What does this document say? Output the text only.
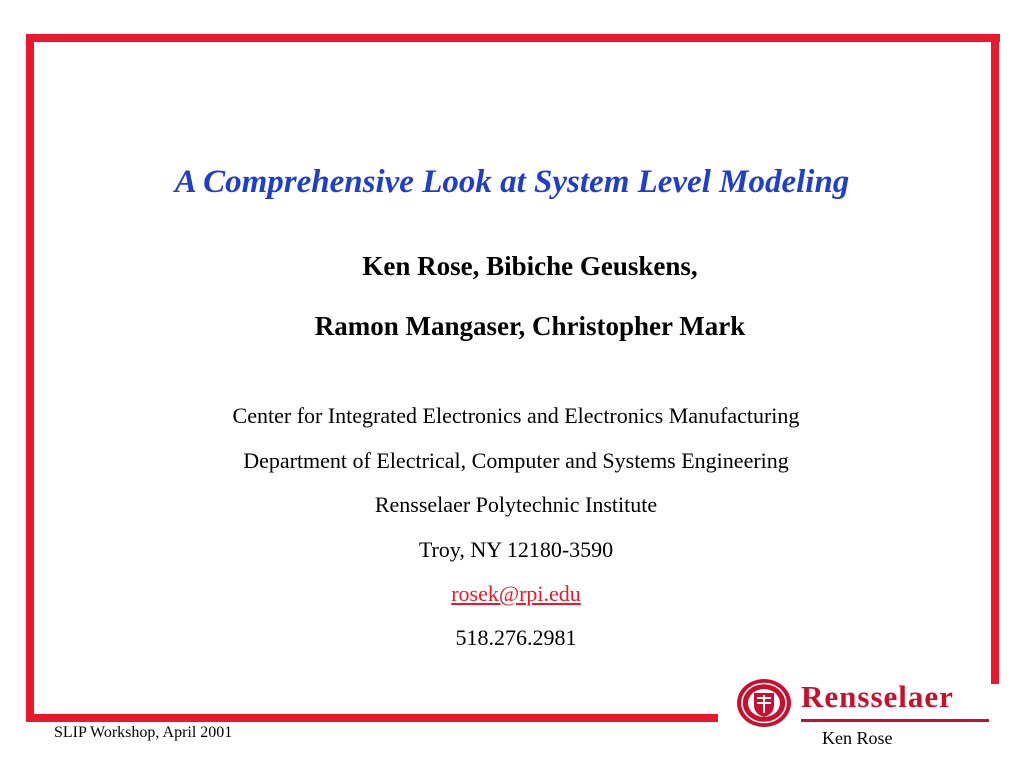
A Comprehensive Look at System Level Modeling
Ken Rose, Bibiche Geuskens,
Ramon Mangaser, Christopher Mark
Center for Integrated Electronics and Electronics Manufacturing
Department of Electrical, Computer and Systems Engineering
Rensselaer Polytechnic Institute
Troy, NY 12180-3590
rosek@rpi.edu
518.276.2981
Rensselaer
SLIP Workshop, April 2001	Ken Rose
